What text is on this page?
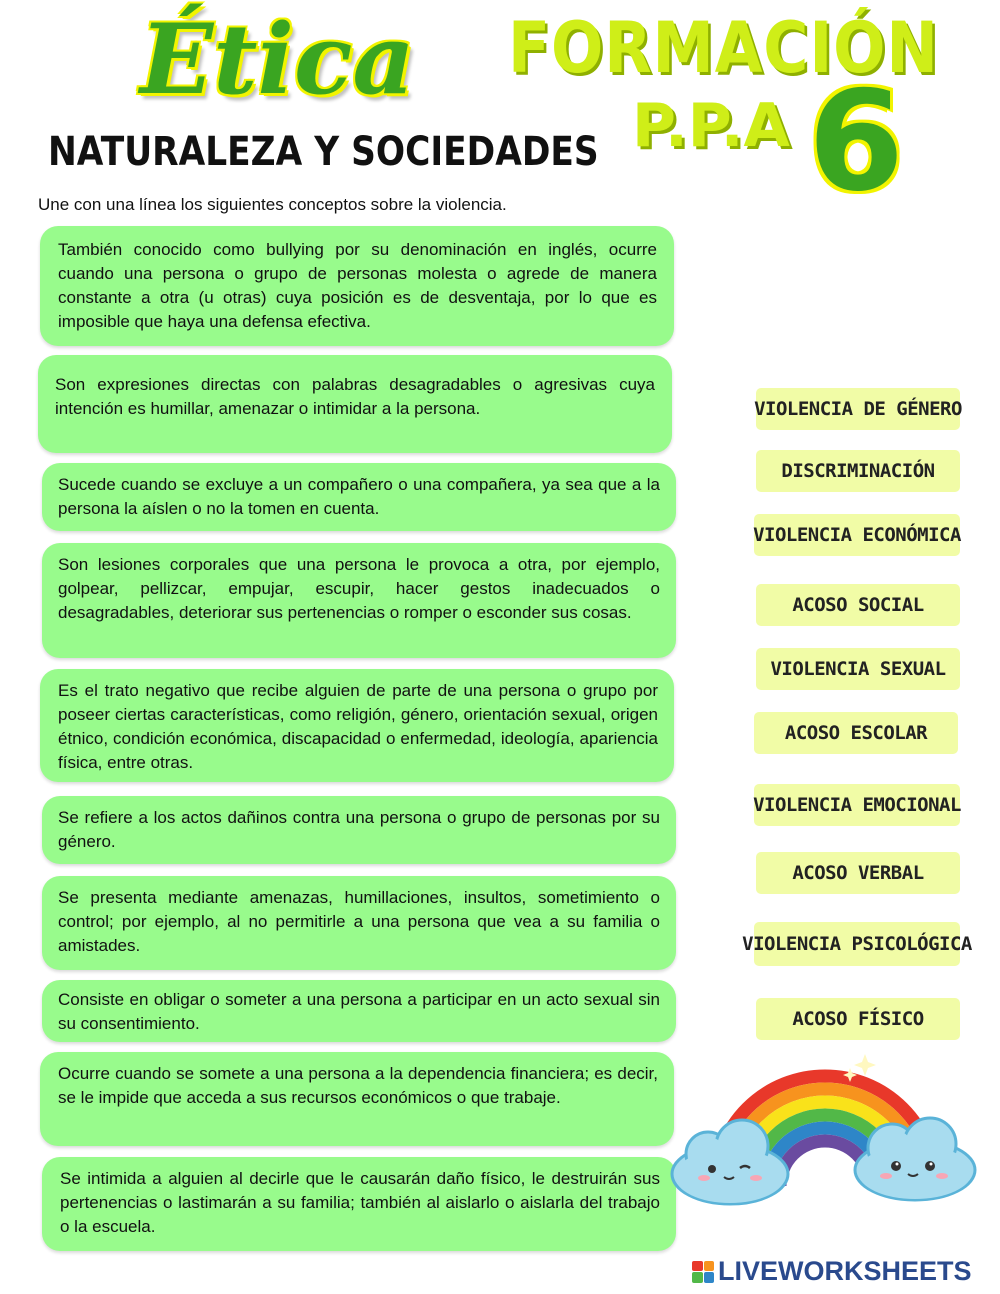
Ética
NATURALEZA Y SOCIEDADES
FORMACIÓN
P.P.A 6
Une con una línea los siguientes conceptos sobre la violencia.
También conocido como bullying por su denominación en inglés, ocurre cuando una persona o grupo de personas molesta o agrede de manera constante a otra (u otras) cuya posición es de desventaja, por lo que es imposible que haya una defensa efectiva.
Son expresiones directas con palabras desagradables o agresivas cuya intención es humillar, amenazar o intimidar a la persona.
Sucede cuando se excluye a un compañero o una compañera, ya sea que a la persona la aíslen o no la tomen en cuenta.
Son lesiones corporales que una persona le provoca a otra, por ejemplo, golpear, pellizcar, empujar, escupir, hacer gestos inadecuados o desagradables, deteriorar sus pertenencias o romper o esconder sus cosas.
Es el trato negativo que recibe alguien de parte de una persona o grupo por poseer ciertas características, como religión, género, orientación sexual, origen étnico, condición económica, discapacidad o enfermedad, ideología, apariencia física, entre otras.
Se refiere a los actos dañinos contra una persona o grupo de personas por su género.
Se presenta mediante amenazas, humillaciones, insultos, sometimiento o control; por ejemplo, al no permitirle a una persona que vea a su familia o amistades.
Consiste en obligar o someter a una persona a participar en un acto sexual sin su consentimiento.
Ocurre cuando se somete a una persona a la dependencia financiera; es decir, se le impide que acceda a sus recursos económicos o que trabaje.
Se intimida a alguien al decirle que le causarán daño físico, le destruirán sus pertenencias o lastimarán a su familia; también al aislarlo o aislarla del trabajo o la escuela.
VIOLENCIA DE GÉNERO
DISCRIMINACIÓN
VIOLENCIA ECONÓMICA
ACOSO SOCIAL
VIOLENCIA SEXUAL
ACOSO ESCOLAR
VIOLENCIA EMOCIONAL
ACOSO VERBAL
VIOLENCIA PSICOLÓGICA
ACOSO FÍSICO
LIVEWORKSHEETS
